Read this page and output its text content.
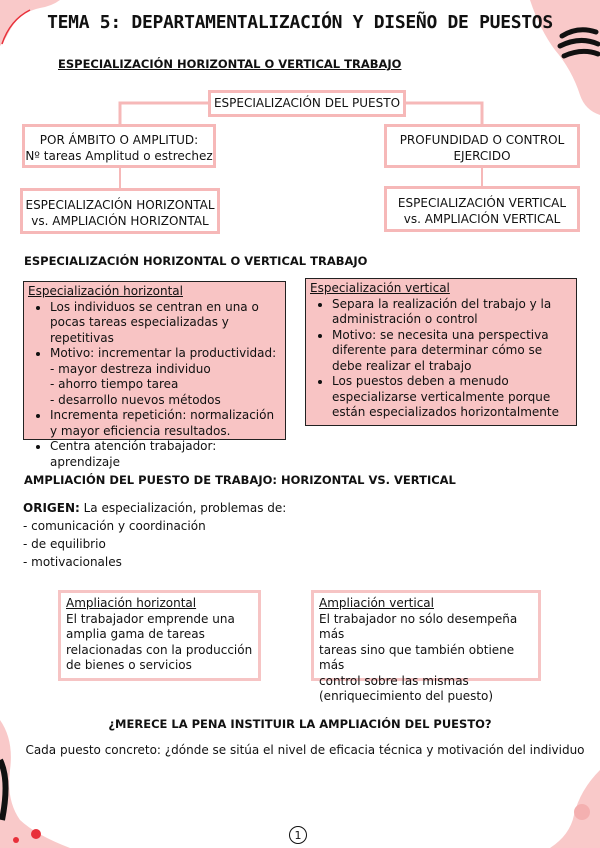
TEMA 5: DEPARTAMENTALIZACIÓN Y DISEÑO DE PUESTOS
ESPECIALIZACIÓN HORIZONTAL O VERTICAL TRABAJO
ESPECIALIZACIÓN DEL PUESTO
POR ÁMBITO O AMPLITUD:
Nº tareas Amplitud o estrechez
PROFUNDIDAD O CONTROL
EJERCIDO
ESPECIALIZACIÓN HORIZONTAL
vs. AMPLIACIÓN HORIZONTAL
ESPECIALIZACIÓN VERTICAL
vs. AMPLIACIÓN VERTICAL
ESPECIALIZACIÓN HORIZONTAL O VERTICAL TRABAJO
Especialización horizontal
• Los individuos se centran en una o pocas tareas especializadas y repetitivas
• Motivo: incrementar la productividad:
- mayor destreza individuo
- ahorro tiempo tarea
- desarrollo nuevos métodos
• Incrementa repetición: normalización y mayor eficiencia resultados.
• Centra atención trabajador: aprendizaje
Especialización vertical
• Separa la realización del trabajo y la administración o control
• Motivo: se necesita una perspectiva diferente para determinar cómo se debe realizar el trabajo
• Los puestos deben a menudo especializarse verticalmente porque están especializados horizontalmente
AMPLIACIÓN DEL PUESTO DE TRABAJO: HORIZONTAL VS. VERTICAL
ORIGEN: La especialización, problemas de:
- comunicación y coordinación
- de equilibrio
- motivacionales
Ampliación horizontal
El trabajador emprende una
amplia gama de tareas
relacionadas con la producción
de bienes o servicios
Ampliación vertical
El trabajador no sólo desempeña más
tareas sino que también obtiene más
control sobre las mismas
(enriquecimiento del puesto)
¿MERECE LA PENA INSTITUIR LA AMPLIACIÓN DEL PUESTO?
Cada puesto concreto: ¿dónde se sitúa el nivel de eficacia técnica y motivación del individuo
1
